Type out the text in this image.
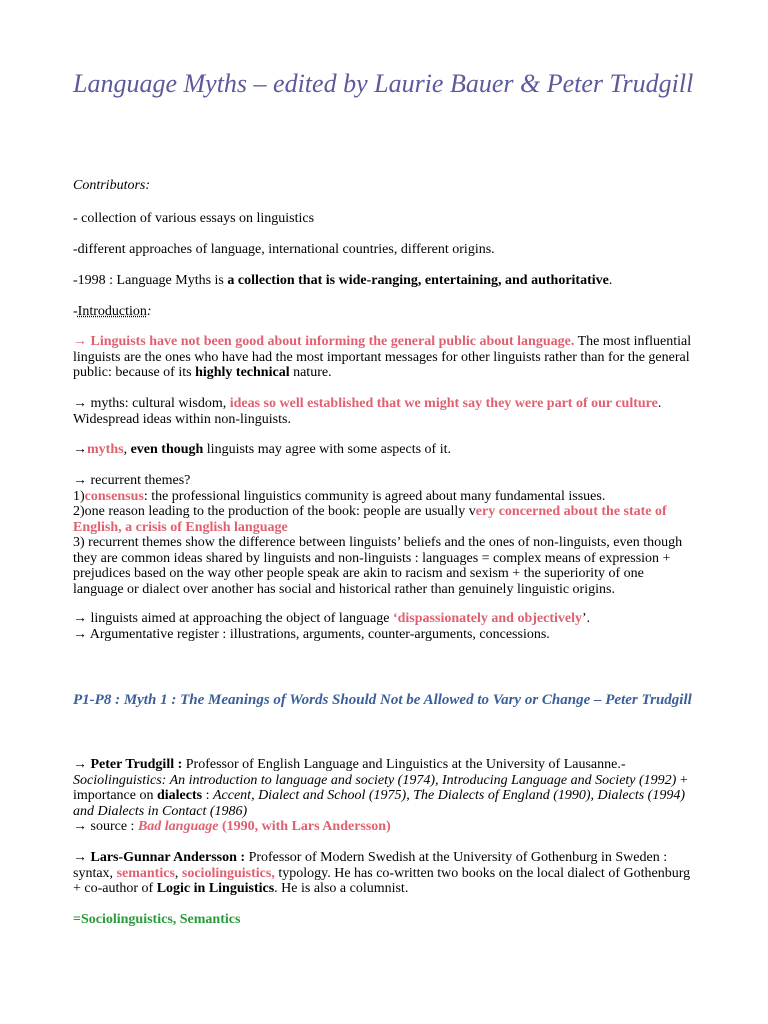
Language Myths – edited by Laurie Bauer & Peter Trudgill

Contributors:

- collection of various essays on linguistics

-different approaches of language, international countries, different origins.

-1998 : Language Myths is a collection that is wide-ranging, entertaining, and authoritative.

-Introduction:

→ Linguists have not been good about informing the general public about language. The most influential linguists are the ones who have had the most important messages for other linguists rather than for the general public: because of its highly technical nature.

→ myths: cultural wisdom, ideas so well established that we might say they were part of our culture. Widespread ideas within non-linguists.

→myths, even though linguists may agree with some aspects of it.

→ recurrent themes?
1)consensus: the professional linguistics community is agreed about many fundamental issues.
2)one reason leading to the production of the book: people are usually very concerned about the state of English, a crisis of English language
3) recurrent themes show the difference between linguists’ beliefs and the ones of non-linguists, even though they are common ideas shared by linguists and non-linguists : languages = complex means of expression + prejudices based on the way other people speak are akin to racism and sexism + the superiority of one language or dialect over another has social and historical rather than genuinely linguistic origins.
→ linguists aimed at approaching the object of language ‘dispassionately and objectively’.
→ Argumentative register : illustrations, arguments, counter-arguments, concessions.
P1-P8 : Myth 1 : The Meanings of Words Should Not be Allowed to Vary or Change – Peter Trudgill
→ Peter Trudgill : Professor of English Language and Linguistics at the University of Lausanne.- Sociolinguistics: An introduction to language and society (1974), Introducing Language and Society (1992) + importance on dialects : Accent, Dialect and School (1975), The Dialects of England (1990), Dialects (1994) and Dialects in Contact (1986)
→ source : Bad language (1990, with Lars Andersson)

→ Lars-Gunnar Andersson : Professor of Modern Swedish at the University of Gothenburg in Sweden : syntax, semantics, sociolinguistics, typology. He has co-written two books on the local dialect of Gothenburg + co-author of Logic in Linguistics. He is also a columnist.

=Sociolinguistics, Semantics
